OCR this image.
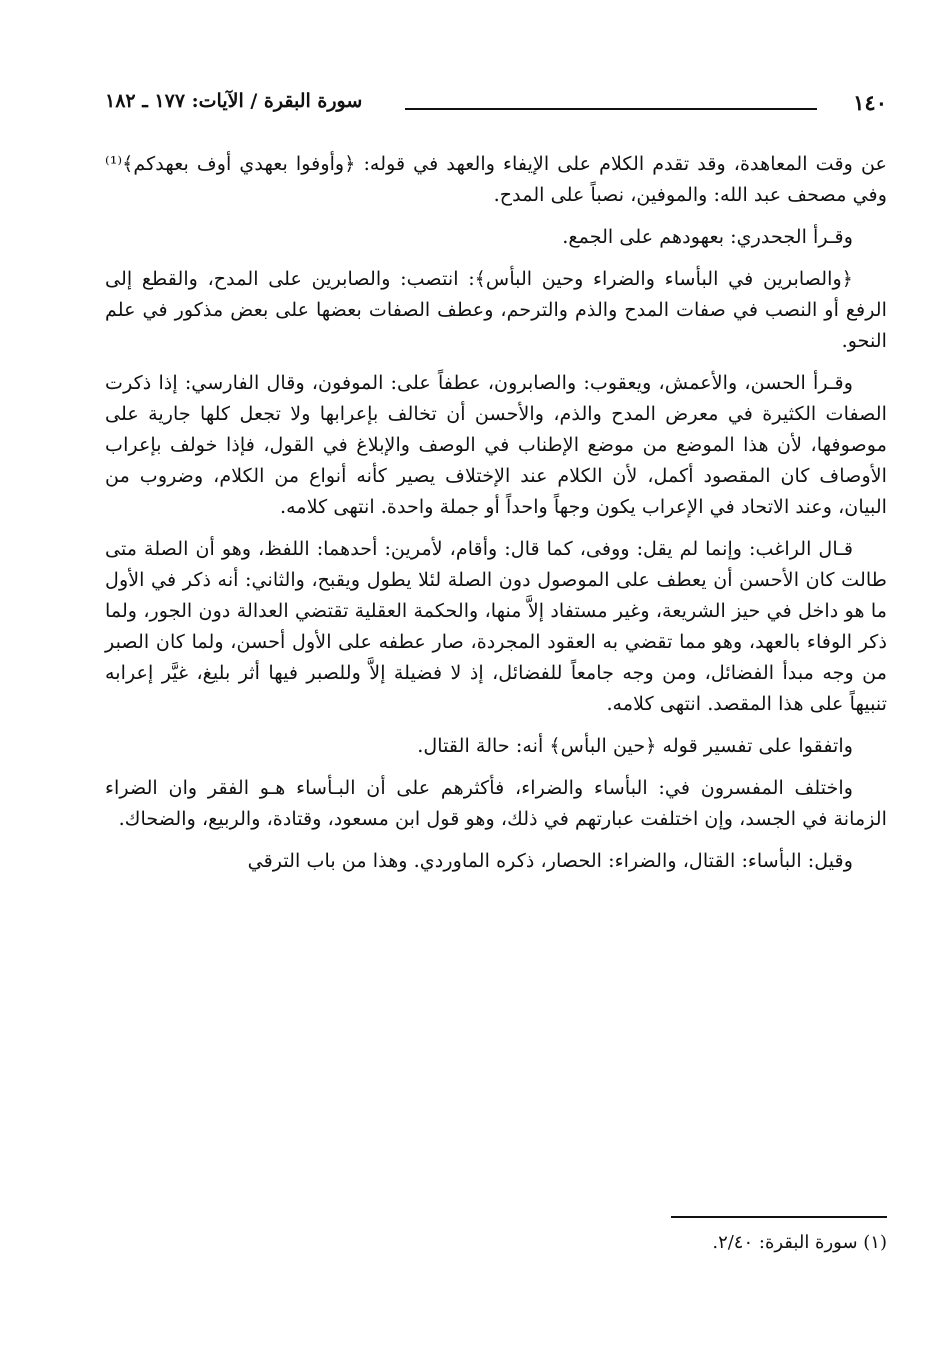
١٤٠
سورة البقرة / الآيات: ١٧٧ ـ ١٨٢

عن وقت المعاهدة، وقد تقدم الكلام على الإيفاء والعهد في قوله: ﴿وأوفوا بعهدي أوف بعهدكم﴾⁽¹⁾ وفي مصحف عبد الله: والموفين، نصباً على المدح.

وقـرأ الجحدري: بعهودهم على الجمع.

﴿والصابرين في البأساء والضراء وحين البأس﴾: انتصب: والصابرين على المدح، والقطع إلى الرفع أو النصب في صفات المدح والذم والترحم، وعطف الصفات بعضها على بعض مذكور في علم النحو.

وقـرأ الحسن، والأعمش، ويعقوب: والصابرون، عطفاً على: الموفون، وقال الفارسي: إذا ذكرت الصفات الكثيرة في معرض المدح والذم، والأحسن أن تخالف بإعرابها ولا تجعل كلها جارية على موصوفها، لأن هذا الموضع من موضع الإطناب في الوصف والإبلاغ في القول، فإذا خولف بإعراب الأوصاف كان المقصود أكمل، لأن الكلام عند الإختلاف يصير كأنه أنواع من الكلام، وضروب من البيان، وعند الاتحاد في الإعراب يكون وجهاً واحداً أو جملة واحدة. انتهى كلامه.

قـال الراغب: وإنما لم يقل: ووفى، كما قال: وأقام، لأمرين: أحدهما: اللفظ، وهو أن الصلة متى طالت كان الأحسن أن يعطف على الموصول دون الصلة لئلا يطول ويقبح، والثاني: أنه ذكر في الأول ما هو داخل في حيز الشريعة، وغير مستفاد إلاَّ منها، والحكمة العقلية تقتضي العدالة دون الجور، ولما ذكر الوفاء بالعهد، وهو مما تقضي به العقود المجردة، صار عطفه على الأول أحسن، ولما كان الصبر من وجه مبدأ الفضائل، ومن وجه جامعاً للفضائل، إذ لا فضيلة إلاَّ وللصبر فيها أثر بليغ، غيَّر إعرابه تنبيهاً على هذا المقصد. انتهى كلامه.

واتفقوا على تفسير قوله ﴿حين البأس﴾ أنه: حالة القتال.

واختلف المفسرون في: البأساء والضراء، فأكثرهم على أن البـأساء هـو الفقر وان الضراء الزمانة في الجسد، وإن اختلفت عبارتهم في ذلك، وهو قول ابن مسعود، وقتادة، والربيع، والضحاك.

وقيل: البأساء: القتال، والضراء: الحصار، ذكره الماوردي. وهذا من باب الترقي

(١) سورة البقرة: ٢/٤٠.
